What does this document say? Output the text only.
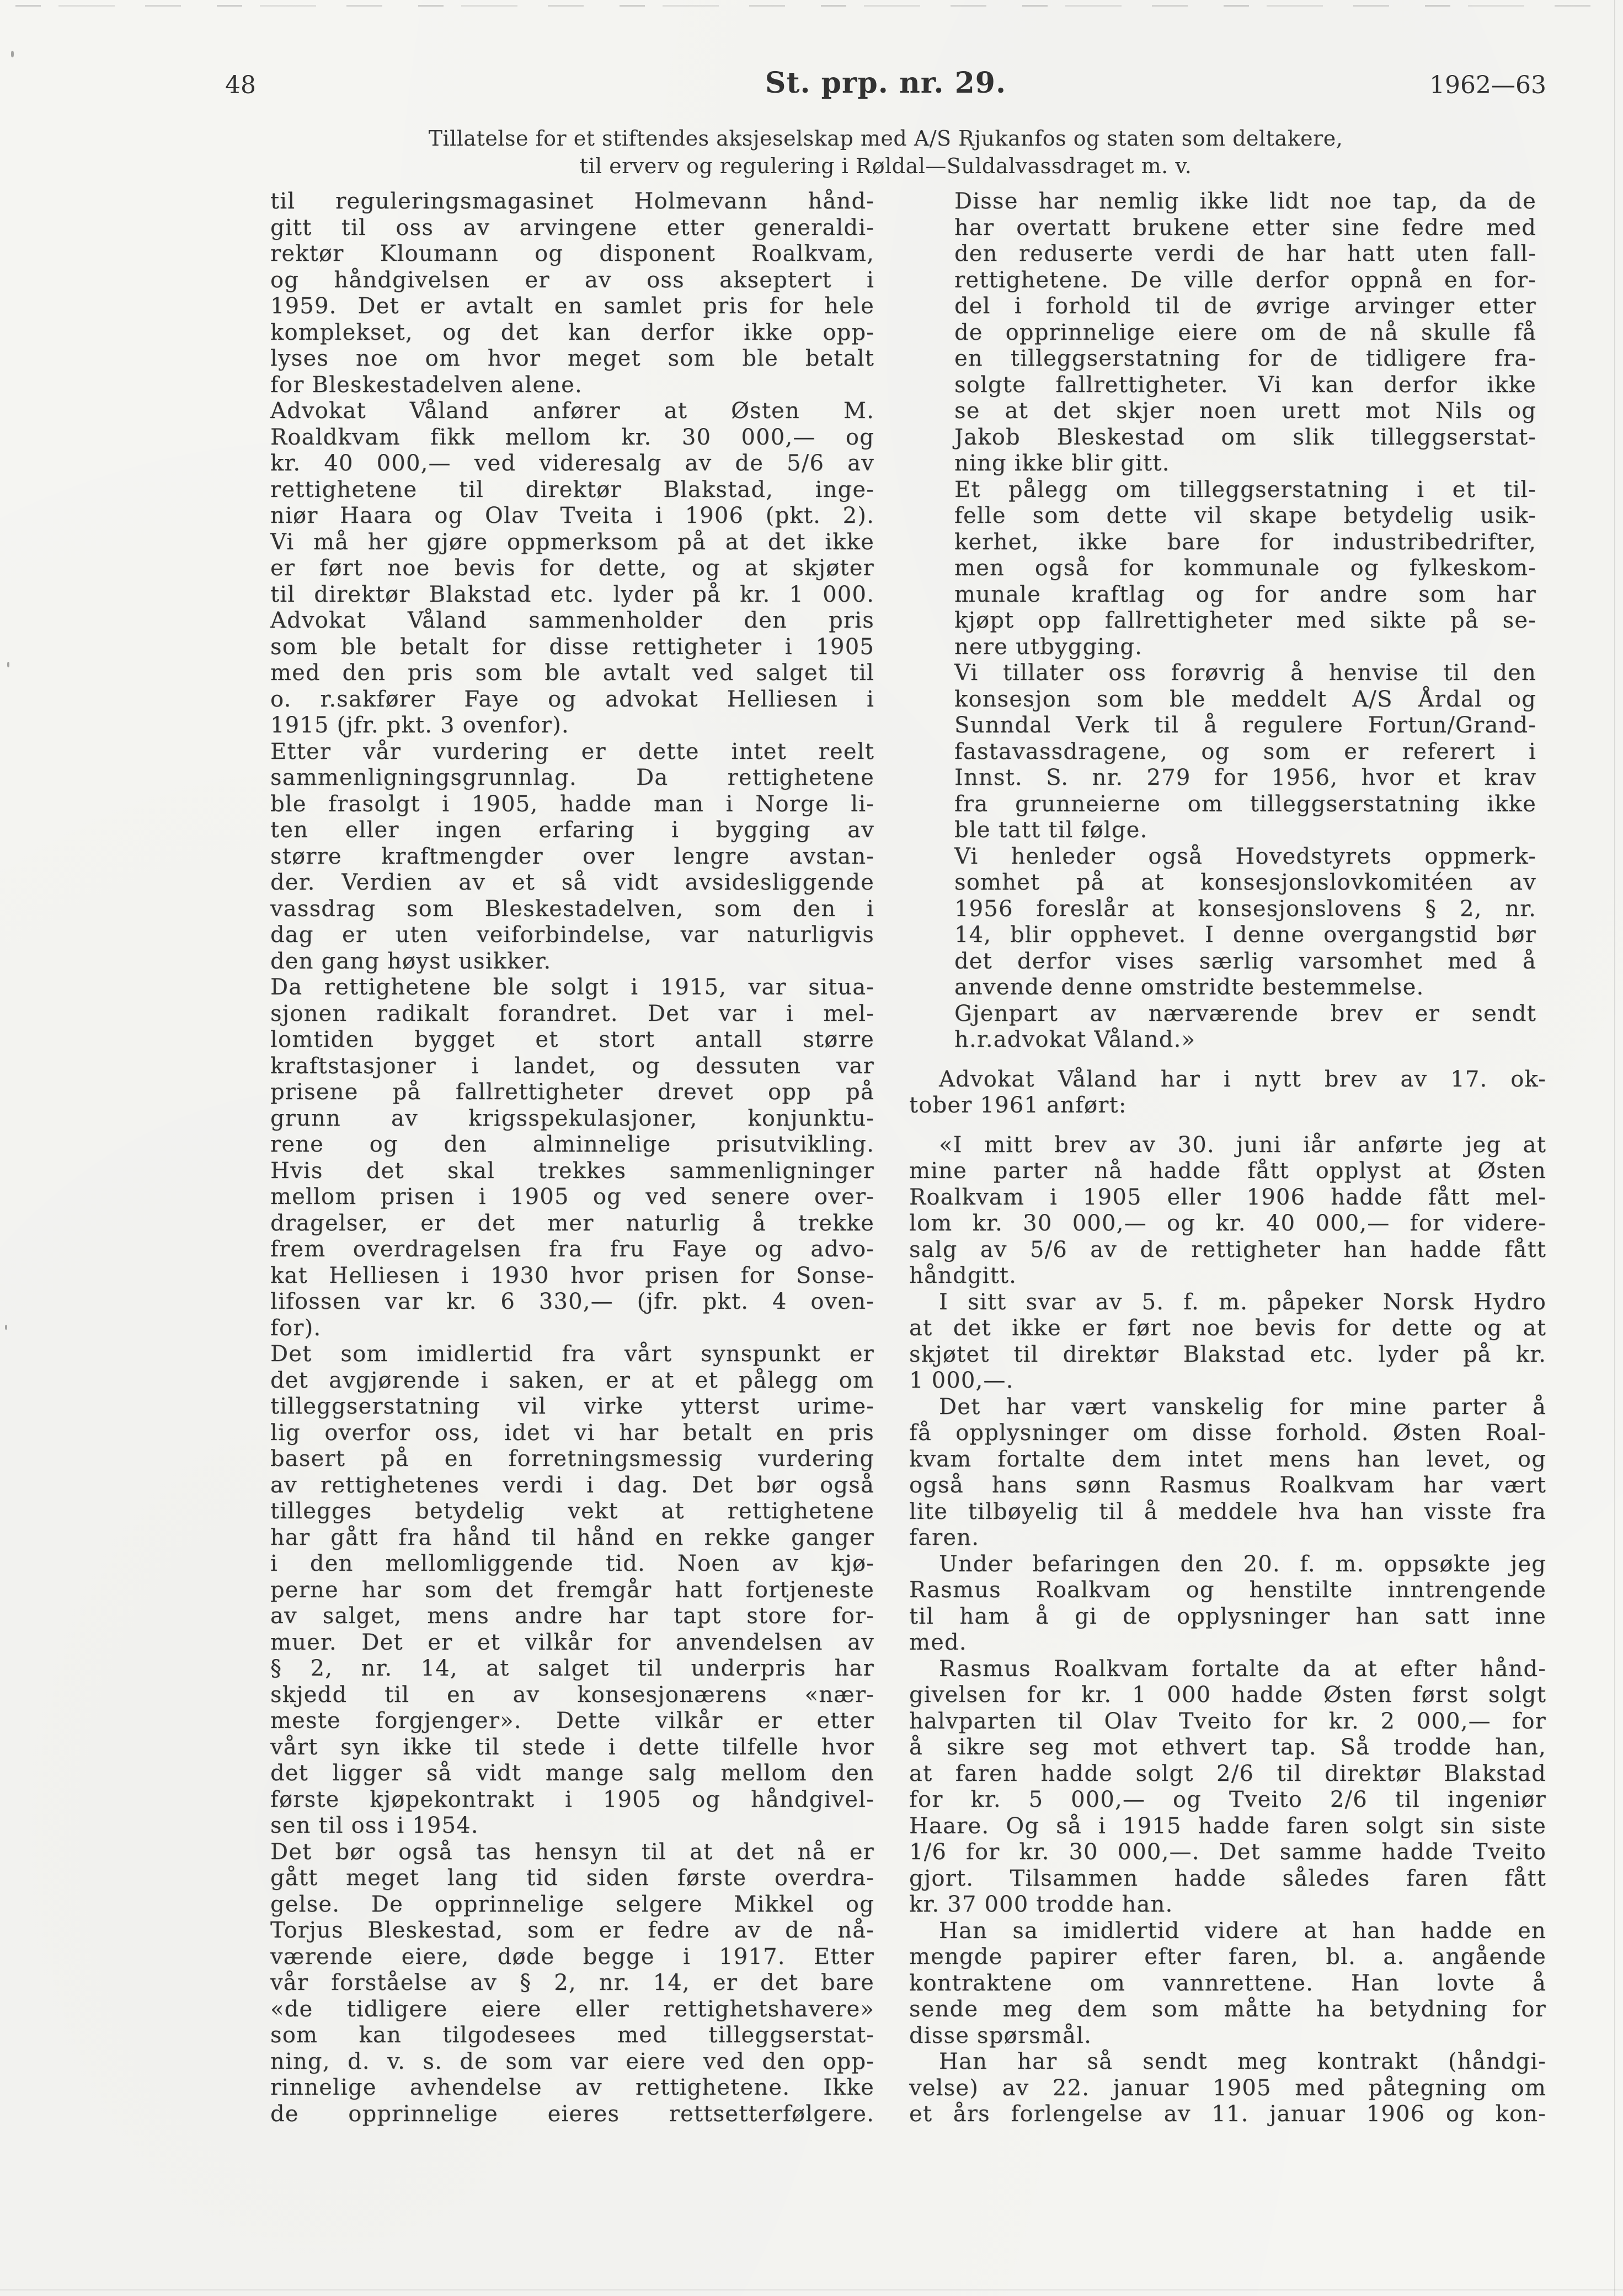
48	St. prp. nr. 29.	1962—63
Tillatelse for et stiftendes aksjeselskap med A/S Rjukanfos og staten som deltakere,
til erverv og regulering i Røldal—Suldalvassdraget m. v.
til reguleringsmagasinet Holmevann hånd-
gitt til oss av arvingene etter generaldi-
rektør Kloumann og disponent Roalkvam,
og håndgivelsen er av oss akseptert i
1959. Det er avtalt en samlet pris for hele
komplekset, og det kan derfor ikke opp-
lyses noe om hvor meget som ble betalt
for Bleskestadelven alene.
Advokat Våland anfører at Østen M.
Roaldkvam fikk mellom kr. 30 000,— og
kr. 40 000,— ved videresalg av de 5/6 av
rettighetene til direktør Blakstad, inge-
niør Haara og Olav Tveita i 1906 (pkt. 2).
Vi må her gjøre oppmerksom på at det ikke
er ført noe bevis for dette, og at skjøter
til direktør Blakstad etc. lyder på kr. 1 000.
Advokat Våland sammenholder den pris
som ble betalt for disse rettigheter i 1905
med den pris som ble avtalt ved salget til
o. r.sakfører Faye og advokat Helliesen i
1915 (jfr. pkt. 3 ovenfor).
Etter vår vurdering er dette intet reelt
sammenligningsgrunnlag. Da rettighetene
ble frasolgt i 1905, hadde man i Norge li-
ten eller ingen erfaring i bygging av
større kraftmengder over lengre avstan-
der. Verdien av et så vidt avsidesliggende
vassdrag som Bleskestadelven, som den i
dag er uten veiforbindelse, var naturligvis
den gang høyst usikker.
Da rettighetene ble solgt i 1915, var situa-
sjonen radikalt forandret. Det var i mel-
lomtiden bygget et stort antall større
kraftstasjoner i landet, og dessuten var
prisene på fallrettigheter drevet opp på
grunn av krigsspekulasjoner, konjunktu-
rene og den alminnelige prisutvikling.
Hvis det skal trekkes sammenligninger
mellom prisen i 1905 og ved senere over-
dragelser, er det mer naturlig å trekke
frem overdragelsen fra fru Faye og advo-
kat Helliesen i 1930 hvor prisen for Sonse-
lifossen var kr. 6 330,— (jfr. pkt. 4 oven-
for).
Det som imidlertid fra vårt synspunkt er
det avgjørende i saken, er at et pålegg om
tilleggserstatning vil virke ytterst urime-
lig overfor oss, idet vi har betalt en pris
basert på en forretningsmessig vurdering
av rettighetenes verdi i dag. Det bør også
tillegges betydelig vekt at rettighetene
har gått fra hånd til hånd en rekke ganger
i den mellomliggende tid. Noen av kjø-
perne har som det fremgår hatt fortjeneste
av salget, mens andre har tapt store for-
muer. Det er et vilkår for anvendelsen av
§ 2, nr. 14, at salget til underpris har
skjedd til en av konsesjonærens «nær-
meste forgjenger». Dette vilkår er etter
vårt syn ikke til stede i dette tilfelle hvor
det ligger så vidt mange salg mellom den
første kjøpekontrakt i 1905 og håndgivel-
sen til oss i 1954.
Det bør også tas hensyn til at det nå er
gått meget lang tid siden første overdra-
gelse. De opprinnelige selgere Mikkel og
Torjus Bleskestad, som er fedre av de nå-
værende eiere, døde begge i 1917. Etter
vår forståelse av § 2, nr. 14, er det bare
«de tidligere eiere eller rettighetshavere»
som kan tilgodesees med tilleggserstat-
ning, d. v. s. de som var eiere ved den opp-
rinnelige avhendelse av rettighetene. Ikke
de opprinnelige eieres rettsetterfølgere.
Disse har nemlig ikke lidt noe tap, da de
har overtatt brukene etter sine fedre med
den reduserte verdi de har hatt uten fall-
rettighetene. De ville derfor oppnå en for-
del i forhold til de øvrige arvinger etter
de opprinnelige eiere om de nå skulle få
en tilleggserstatning for de tidligere fra-
solgte fallrettigheter. Vi kan derfor ikke
se at det skjer noen urett mot Nils og
Jakob Bleskestad om slik tilleggserstat-
ning ikke blir gitt.
Et pålegg om tilleggserstatning i et til-
felle som dette vil skape betydelig usik-
kerhet, ikke bare for industribedrifter,
men også for kommunale og fylkeskom-
munale kraftlag og for andre som har
kjøpt opp fallrettigheter med sikte på se-
nere utbygging.
Vi tillater oss forøvrig å henvise til den
konsesjon som ble meddelt A/S Årdal og
Sunndal Verk til å regulere Fortun/Grand-
fastavassdragene, og som er referert i
Innst. S. nr. 279 for 1956, hvor et krav
fra grunneierne om tilleggserstatning ikke
ble tatt til følge.
Vi henleder også Hovedstyrets oppmerk-
somhet på at konsesjonslovkomitéen av
1956 foreslår at konsesjonslovens § 2, nr.
14, blir opphevet. I denne overgangstid bør
det derfor vises særlig varsomhet med å
anvende denne omstridte bestemmelse.
Gjenpart av nærværende brev er sendt
h.r.advokat Våland.»
Advokat Våland har i nytt brev av 17. ok-
tober 1961 anført:
«I mitt brev av 30. juni iår anførte jeg at
mine parter nå hadde fått opplyst at Østen
Roalkvam i 1905 eller 1906 hadde fått mel-
lom kr. 30 000,— og kr. 40 000,— for videre-
salg av 5/6 av de rettigheter han hadde fått
håndgitt.
I sitt svar av 5. f. m. påpeker Norsk Hydro
at det ikke er ført noe bevis for dette og at
skjøtet til direktør Blakstad etc. lyder på kr.
1 000,—.
Det har vært vanskelig for mine parter å
få opplysninger om disse forhold. Østen Roal-
kvam fortalte dem intet mens han levet, og
også hans sønn Rasmus Roalkvam har vært
lite tilbøyelig til å meddele hva han visste fra
faren.
Under befaringen den 20. f. m. oppsøkte jeg
Rasmus Roalkvam og henstilte inntrengende
til ham å gi de opplysninger han satt inne
med.
Rasmus Roalkvam fortalte da at efter hånd-
givelsen for kr. 1 000 hadde Østen først solgt
halvparten til Olav Tveito for kr. 2 000,— for
å sikre seg mot ethvert tap. Så trodde han,
at faren hadde solgt 2/6 til direktør Blakstad
for kr. 5 000,— og Tveito 2/6 til ingeniør
Haare. Og så i 1915 hadde faren solgt sin siste
1/6 for kr. 30 000,—. Det samme hadde Tveito
gjort. Tilsammen hadde således faren fått
kr. 37 000 trodde han.
Han sa imidlertid videre at han hadde en
mengde papirer efter faren, bl. a. angående
kontraktene om vannrettene. Han lovte å
sende meg dem som måtte ha betydning for
disse spørsmål.
Han har så sendt meg kontrakt (håndgi-
velse) av 22. januar 1905 med påtegning om
et års forlengelse av 11. januar 1906 og kon-
